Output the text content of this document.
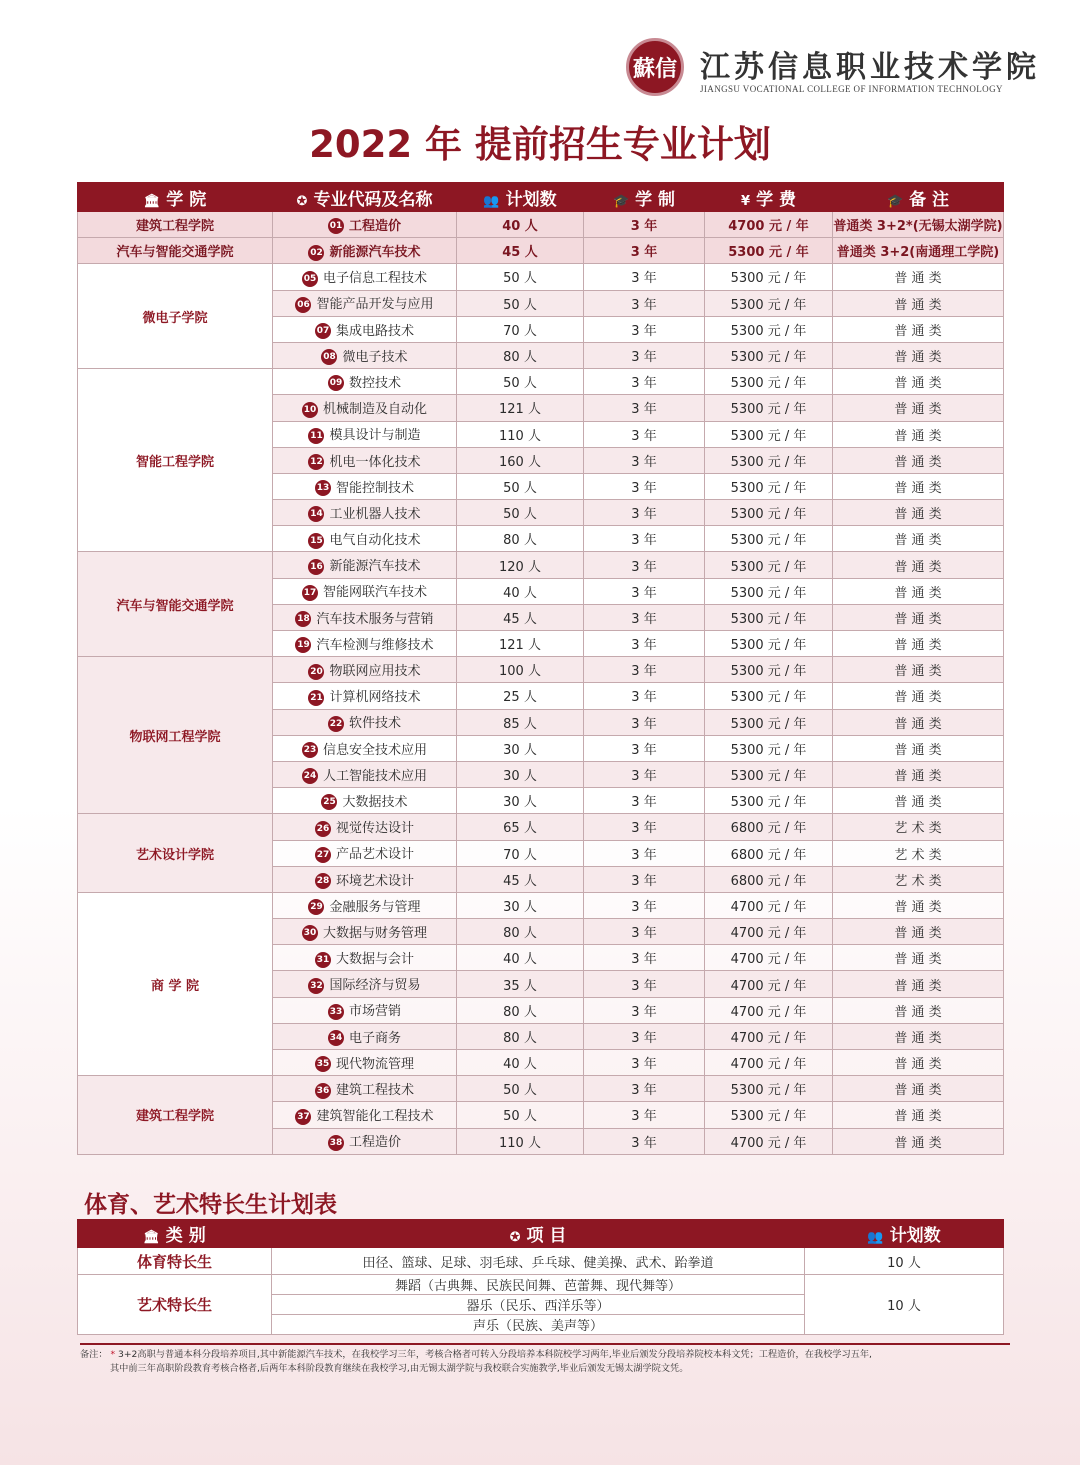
蘇信 江苏信息职业技术学院
JIANGSU VOCATIONAL COLLEGE OF INFORMATION TECHNOLOGY
2022 年 提前招生专业计划
🏛 学 院	✪ 专业代码及名称	👥 计划数	🎓 学 制	¥ 学 费	🎓 备 注
建筑工程学院	01 工程造价	40 人	3 年	4700 元 / 年	普通类 3+2*(无锡太湖学院)
汽车与智能交通学院	02 新能源汽车技术	45 人	3 年	5300 元 / 年	普通类 3+2(南通理工学院)
微电子学院	05 电子信息工程技术	50 人	3 年	5300 元 / 年	普 通 类
	06 智能产品开发与应用	50 人	3 年	5300 元 / 年	普 通 类
	07 集成电路技术	70 人	3 年	5300 元 / 年	普 通 类
	08 微电子技术	80 人	3 年	5300 元 / 年	普 通 类
智能工程学院	09 数控技术	50 人	3 年	5300 元 / 年	普 通 类
	10 机械制造及自动化	121 人	3 年	5300 元 / 年	普 通 类
	11 模具设计与制造	110 人	3 年	5300 元 / 年	普 通 类
	12 机电一体化技术	160 人	3 年	5300 元 / 年	普 通 类
	13 智能控制技术	50 人	3 年	5300 元 / 年	普 通 类
	14 工业机器人技术	50 人	3 年	5300 元 / 年	普 通 类
	15 电气自动化技术	80 人	3 年	5300 元 / 年	普 通 类
汽车与智能交通学院	16 新能源汽车技术	120 人	3 年	5300 元 / 年	普 通 类
	17 智能网联汽车技术	40 人	3 年	5300 元 / 年	普 通 类
	18 汽车技术服务与营销	45 人	3 年	5300 元 / 年	普 通 类
	19 汽车检测与维修技术	121 人	3 年	5300 元 / 年	普 通 类
物联网工程学院	20 物联网应用技术	100 人	3 年	5300 元 / 年	普 通 类
	21 计算机网络技术	25 人	3 年	5300 元 / 年	普 通 类
	22 软件技术	85 人	3 年	5300 元 / 年	普 通 类
	23 信息安全技术应用	30 人	3 年	5300 元 / 年	普 通 类
	24 人工智能技术应用	30 人	3 年	5300 元 / 年	普 通 类
	25 大数据技术	30 人	3 年	5300 元 / 年	普 通 类
艺术设计学院	26 视觉传达设计	65 人	3 年	6800 元 / 年	艺 术 类
	27 产品艺术设计	70 人	3 年	6800 元 / 年	艺 术 类
	28 环境艺术设计	45 人	3 年	6800 元 / 年	艺 术 类
商 学 院	29 金融服务与管理	30 人	3 年	4700 元 / 年	普 通 类
	30 大数据与财务管理	80 人	3 年	4700 元 / 年	普 通 类
	31 大数据与会计	40 人	3 年	4700 元 / 年	普 通 类
	32 国际经济与贸易	35 人	3 年	4700 元 / 年	普 通 类
	33 市场营销	80 人	3 年	4700 元 / 年	普 通 类
	34 电子商务	80 人	3 年	4700 元 / 年	普 通 类
	35 现代物流管理	40 人	3 年	4700 元 / 年	普 通 类
建筑工程学院	36 建筑工程技术	50 人	3 年	5300 元 / 年	普 通 类
	37 建筑智能化工程技术	50 人	3 年	5300 元 / 年	普 通 类
	38 工程造价	110 人	3 年	4700 元 / 年	普 通 类
体育、艺术特长生计划表
🏛 类 别	✪ 项 目	👥 计划数
体育特长生	田径、篮球、足球、羽毛球、乒乓球、健美操、武术、跆拳道	10 人
艺术特长生	舞蹈（古典舞、民族民间舞、芭蕾舞、现代舞等）	10 人
	器乐（民乐、西洋乐等）	
	声乐（民族、美声等）	
备注： * 3+2高职与普通本科分段培养项目,其中新能源汽车技术，在我校学习三年，考核合格者可转入分段培养本科院校学习两年,毕业后颁发分段培养院校本科文凭；工程造价，在我校学习五年,
其中前三年高职阶段教育考核合格者,后两年本科阶段教育继续在我校学习,由无锡太湖学院与我校联合实施教学,毕业后颁发无锡太湖学院文凭。
